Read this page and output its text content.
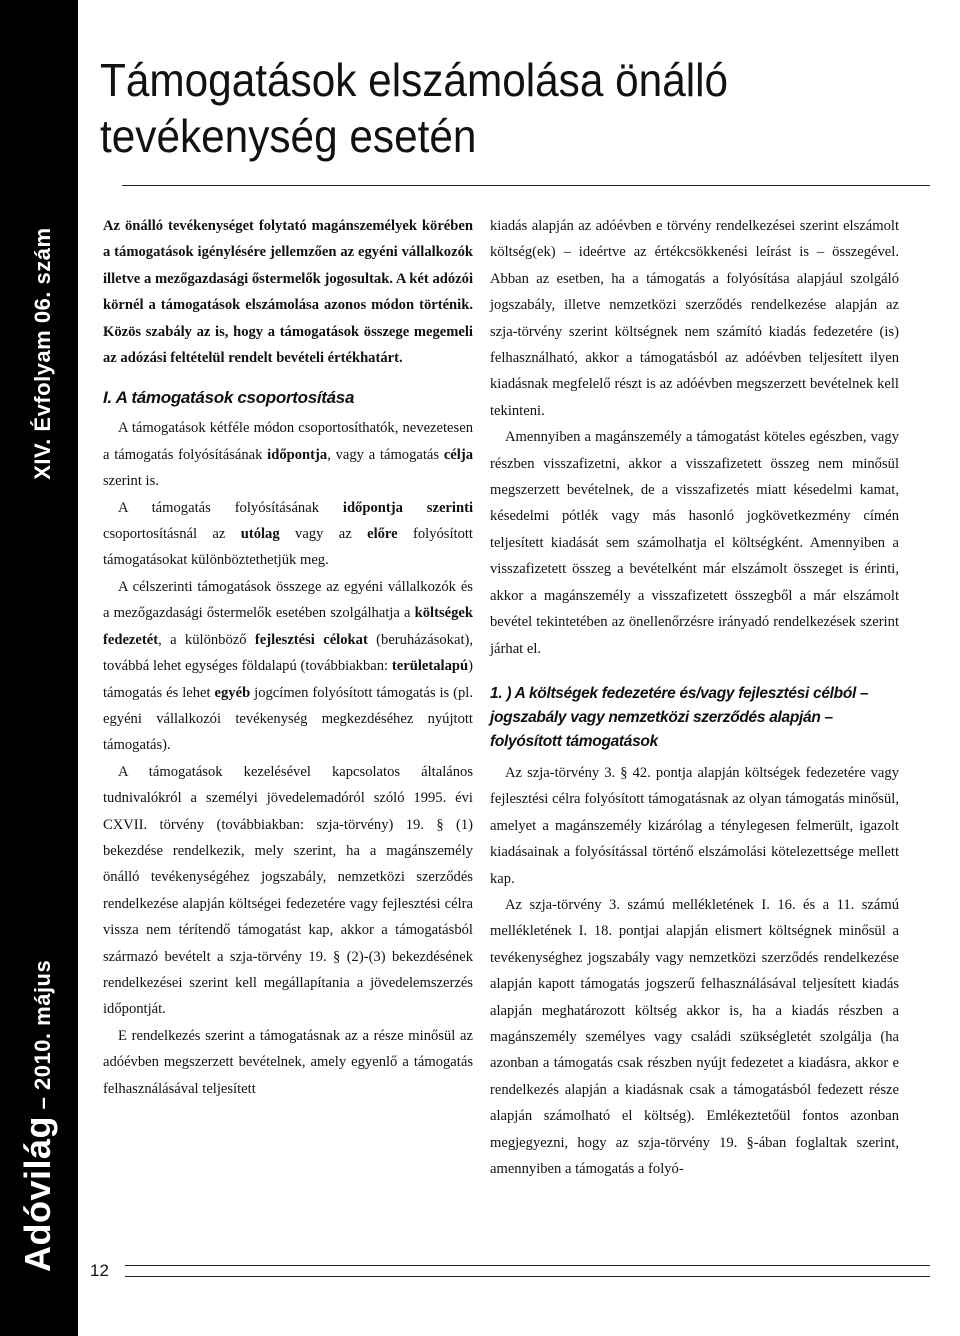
Adóvilág – 2010. májusXIV. Évfolyam 06. szám
Támogatások elszámolása önálló
tevékenység esetén

Az önálló tevékenységet folytató magánszemélyek körében a támogatások igénylésére jellemzően az egyéni vállalkozók illetve a mezőgazdasági őstermelők jogosultak. A két adózói körnél a támogatások elszámolása azonos módon történik. Közös szabály az is, hogy a támogatások összege megemeli az adózási feltételül rendelt bevételi értékhatárt.

I. A támogatások csoportosítása

A támogatások kétféle módon csoportosíthatók, nevezetesen a támogatás folyósításának időpontja, vagy a támogatás célja szerint is.

A támogatás folyósításának időpontja szerinti csoportosításnál az utólag vagy az előre folyósított támogatásokat különböztethetjük meg.

A célszerinti támogatások összege az egyéni vállalkozók és a mezőgazdasági őstermelők esetében szolgálhatja a költségek fedezetét, a különböző fejlesztési célokat (beruházásokat), továbbá lehet egységes földalapú (továbbiakban: területalapú) támogatás és lehet egyéb jogcímen folyósított támogatás is (pl. egyéni vállalkozói tevékenység megkezdéséhez nyújtott támogatás).

A támogatások kezelésével kapcsolatos általános tudnivalókról a személyi jövedelemadóról szóló 1995. évi CXVII. törvény (továbbiakban: szja-törvény) 19. § (1) bekezdése rendelkezik, mely szerint, ha a magánszemély önálló tevékenységéhez jogszabály, nemzetközi szerződés rendelkezése alapján költségei fedezetére vagy fejlesztési célra vissza nem térítendő támogatást kap, akkor a támogatásból származó bevételt a szja-törvény 19. § (2)-(3) bekezdésének rendelkezései szerint kell megállapítania a jövedelemszerzés időpontját.

E rendelkezés szerint a támogatásnak az a része minősül az adóévben megszerzett bevételnek, amely egyenlő a támogatás felhasználásával teljesített

kiadás alapján az adóévben e törvény rendelkezései szerint elszámolt költség(ek) – ideértve az értékcsökkenési leírást is – összegével. Abban az esetben, ha a támogatás a folyósítása alapjául szolgáló jogszabály, illetve nemzetközi szerződés rendelkezése alapján az szja-törvény szerint költségnek nem számító kiadás fedezetére (is) felhasználható, akkor a támogatásból az adóévben teljesített ilyen kiadásnak megfelelő részt is az adóévben megszerzett bevételnek kell tekinteni.

Amennyiben a magánszemély a támogatást köteles egészben, vagy részben visszafizetni, akkor a visszafizetett összeg nem minősül megszerzett bevételnek, de a visszafizetés miatt késedelmi kamat, késedelmi pótlék vagy más hasonló jogkövetkezmény címén teljesített kiadását sem számolhatja el költségként. Amennyiben a visszafizetett összeg a bevételként már elszámolt összeget is érinti, akkor a magánszemély a visszafizetett összegből a már elszámolt bevétel tekintetében az önellenőrzésre irányadó rendelkezések szerint járhat el.

1. ) A költségek fedezetére és/vagy fejlesztési célból – jogszabály vagy nemzetközi szerződés alapján – folyósított támogatások

Az szja-törvény 3. § 42. pontja alapján költségek fedezetére vagy fejlesztési célra folyósított támogatásnak az olyan támogatás minősül, amelyet a magánszemély kizárólag a ténylegesen felmerült, igazolt kiadásainak a folyósítással történő elszámolási kötelezettsége mellett kap.

Az szja-törvény 3. számú mellékletének I. 16. és a 11. számú mellékletének I. 18. pontjai alapján elismert költségnek minősül a tevékenységhez jogszabály vagy nemzetközi szerződés rendelkezése alapján kapott támogatás jogszerű felhasználásával teljesített kiadás alapján meghatározott költség akkor is, ha a kiadás részben a magánszemély személyes vagy családi szükségletét szolgálja (ha azonban a támogatás csak részben nyújt fedezetet a kiadásra, akkor e rendelkezés alapján a kiadásnak csak a támogatásból fedezett része alapján számolható el költség). Emlékeztetőül fontos azonban megjegyezni, hogy az szja-törvény 19. §-ában foglaltak szerint, amennyiben a támogatás a folyó-

12
